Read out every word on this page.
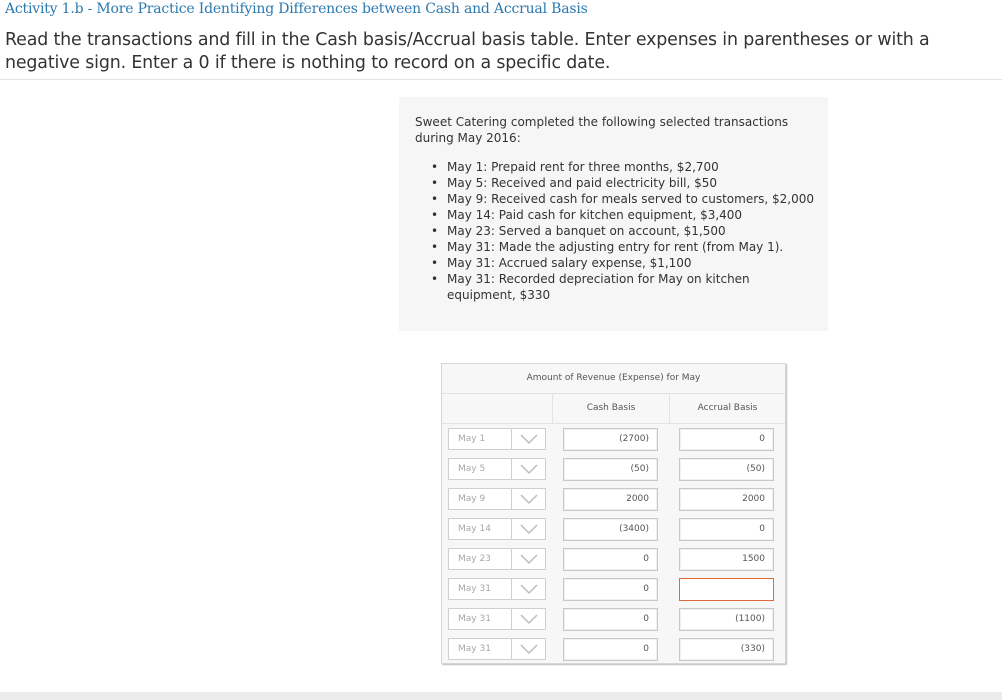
Activity 1.b - More Practice Identifying Differences between Cash and Accrual Basis
Read the transactions and fill in the Cash basis/Accrual basis table. Enter expenses in parentheses or with a negative sign. Enter a 0 if there is nothing to record on a specific date.
Sweet Catering completed the following selected transactions during May 2016:
• May 1: Prepaid rent for three months, $2,700
• May 5: Received and paid electricity bill, $50
• May 9: Received cash for meals served to customers, $2,000
• May 14: Paid cash for kitchen equipment, $3,400
• May 23: Served a banquet on account, $1,500
• May 31: Made the adjusting entry for rent (from May 1).
• May 31: Accrued salary expense, $1,100
• May 31: Recorded depreciation for May on kitchen equipment, $330
Amount of Revenue (Expense) for May
Cash Basis	Accrual Basis
May 1	(2700)	0
May 5	(50)	(50)
May 9	2000	2000
May 14	(3400)	0
May 23	0	1500
May 31	0
May 31	0	(1100)
May 31	0	(330)
